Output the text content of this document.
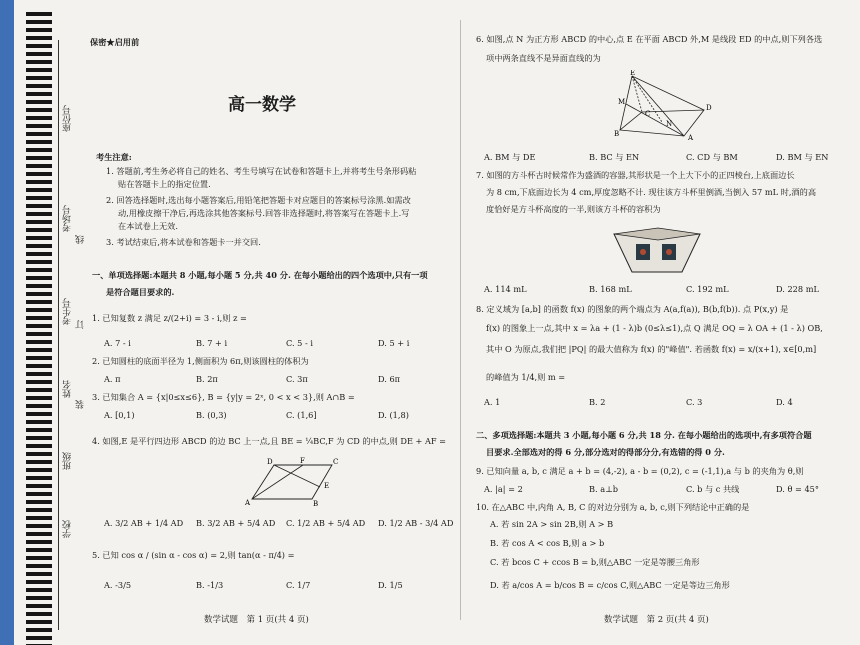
座位号
考场号
考生号
姓名
班级
学校
线
订
装
保密★启用前
高一数学
考生注意:
1. 答题前,考生务必将自己的姓名、考生号填写在试卷和答题卡上,并将考生号条形码粘
贴在答题卡上的指定位置.
2. 回答选择题时,选出每小题答案后,用铅笔把答题卡对应题目的答案标号涂黑.如需改
动,用橡皮擦干净后,再选涂其他答案标号.回答非选择题时,将答案写在答题卡上.写
在本试卷上无效.
3. 考试结束后,将本试卷和答题卡一并交回.
一、单项选择题:本题共 8 小题,每小题 5 分,共 40 分. 在每小题给出的四个选项中,只有一项
是符合题目要求的.
1. 已知复数 z 满足 z/(2+i) = 3 - i,则 z =
A. 7 - i	B. 7 + i	C. 5 - i	D. 5 + i
2. 已知圆柱的底面半径为 1,侧面积为 6π,则该圆柱的体积为
A. π	B. 2π	C. 3π	D. 6π
3. 已知集合 A = {x|0≤x≤6}, B = {y|y = 2ˣ, 0 < x < 3},则 A∩B =
A. [0,1)	B. (0,3)	C. (1,6]	D. (1,8)
4. 如图,E 是平行四边形 ABCD 的边 BC 上一点,且 BE = ¼BC,F 为 CD 的中点,则 DE + AF =
D	F	C
E
A	B
A. 3/2 AB + 1/4 AD B. 3/2 AB + 5/4 AD C. 1/2 AB + 5/4 AD D. 1/2 AB - 3/4 AD
5. 已知 cos α / (sin α - cos α) = 2,则 tan(α - π/4) =
A. -3/5	B. -1/3	C. 1/7	D. 1/5
数学试题　第 1 页(共 4 页)
6. 如图,点 N 为正方形 ABCD 的中心,点 E 在平面 ABCD 外,M 是线段 ED 的中点,则下列各选
项中两条直线不是异面直线的为
E
M
D
C
N
A
B
A. BM 与 DE	B. BC 与 EN	C. CD 与 BM	D. BM 与 EN
7. 如图的方斗杯古时候常作为盛酒的容器,其形状是一个上大下小的正四棱台,上底面边长
为 8 cm,下底面边长为 4 cm,厚度忽略不计. 现往该方斗杯里倒酒,当倒入 57 mL 时,酒的高
度恰好是方斗杯高度的一半,则该方斗杯的容积为
A. 114 mL	B. 168 mL	C. 192 mL	D. 228 mL
8. 定义域为 [a,b] 的函数 f(x) 的图象的两个端点为 A(a,f(a)), B(b,f(b)). 点 P(x,y) 是
f(x) 的图象上一点,其中 x = λa + (1 - λ)b (0≤λ≤1),点 Q 满足 OQ = λ OA + (1 - λ) OB,
其中 O 为原点,我们把 |PQ| 的最大值称为 f(x) 的"峰值". 若函数 f(x) = x/(x+1), x∈[0,m]
的峰值为 1/4,则 m =
A. 1	B. 2	C. 3	D. 4
二、多项选择题:本题共 3 小题,每小题 6 分,共 18 分. 在每小题给出的选项中,有多项符合题
目要求.全部选对的得 6 分,部分选对的得部分分,有选错的得 0 分.
9. 已知向量 a, b, c 满足 a + b = (4,-2), a - b = (0,2), c = (-1,1),a 与 b 的夹角为 θ,则
A. |a| = 2	B. a⊥b	C. b 与 c 共线	D. θ = 45°
10. 在△ABC 中,内角 A, B, C 的对边分别为 a, b, c,则下列结论中正确的是
A. 若 sin 2A > sin 2B,则 A > B
B. 若 cos A < cos B,则 a > b
C. 若 bcos C + ccos B = b,则△ABC 一定是等腰三角形
D. 若 a/cos A = b/cos B = c/cos C,则△ABC 一定是等边三角形
数学试题　第 2 页(共 4 页)
